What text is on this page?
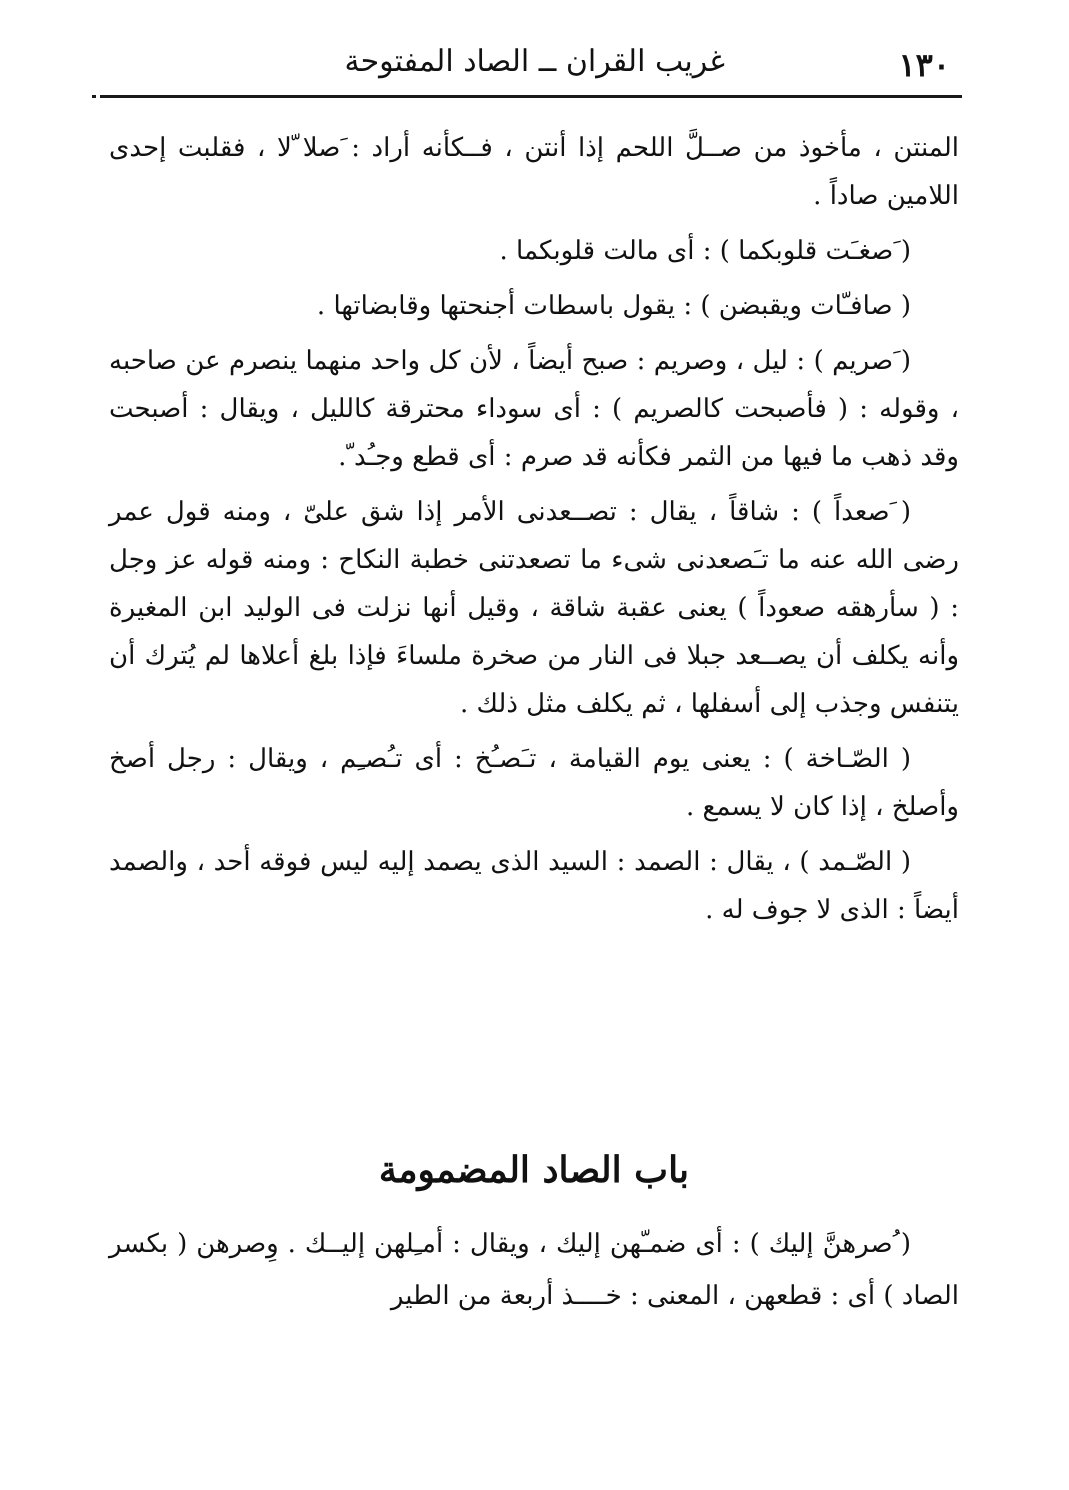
١٣٠
غريب القران ــ الصاد المفتوحة

المنتن ، مأخوذ من صــلَّ اللحم إذا أنتن ، فــكأنه أراد : َصلا ّلا ، فقلبت إحدى اللامين صاداً .

( َصغـَت قلوبكما ) : أى مالت قلوبكما .

( صافـّات ويقبضن ) : يقول باسطات أجنحتها وقابضاتها .

( َصريم ) : ليل ، وصريم : صبح أيضاً ، لأن كل واحد منهما ينصرم عن صاحبه ، وقوله : ( فأصبحت كالصريم ) : أى سوداء محترقة كالليل ، ويقال : أصبحت وقد ذهب ما فيها من الثمر فكأنه قد صرم : أى قطع وجـُد ّ.

( َصعداً ) : شاقاً ، يقال : تصــعدنى الأمر إذا شق علىّ ، ومنه قول عمر رضى الله عنه ما تـَصعدنى شىء ما تصعدتنى خطبة النكاح : ومنه قوله عز وجل : ( سأرهقه صعوداً ) يعنى عقبة شاقة ، وقيل أنها نزلت فى الوليد ابن المغيرة وأنه يكلف أن يصــعد جبلا فى النار من صخرة ملساءَ فإذا بلغ أعلاها لم يُترك أن يتنفس وجذب إلى أسفلها ، ثم يكلف مثل ذلك .

( الصّـاخة ) : يعنى يوم القيامة ، تـَصـُخ : أى تـُصـِم ، ويقال : رجل أصخ وأصلخ ، إذا كان لا يسمع .

( الصّـمد ) ، يقال : الصمد : السيد الذى يصمد إليه ليس فوقه أحد ، والصمد أيضاً : الذى لا جوف له .

باب الصاد المضمومة

( ُصرهنَّ إليك ) : أى ضمـّهن إليك ، ويقال : أمـِلهن إليــك . وِصرهن ( بكسر الصاد ) أى : قطعهن ، المعنى : خــــذ أربعة من الطير
